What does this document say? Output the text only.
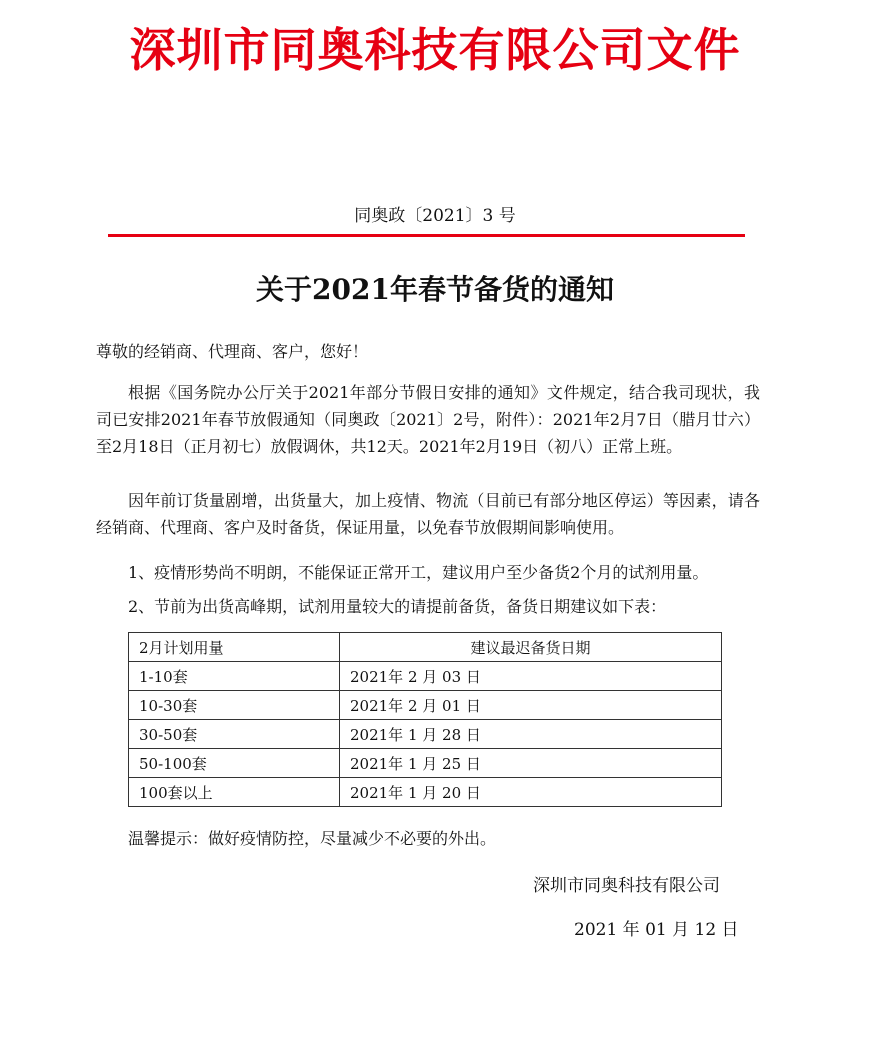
深圳市同奥科技有限公司文件
同奥政〔2021〕3 号
关于2021年春节备货的通知
尊敬的经销商、代理商、客户，您好！
根据《国务院办公厅关于2021年部分节假日安排的通知》文件规定，结合我司现状，我司已安排2021年春节放假通知（同奥政〔2021〕2号，附件）：2021年2月7日（腊月廿六）至2月18日（正月初七）放假调休，共12天。2021年2月19日（初八）正常上班。
因年前订货量剧增，出货量大，加上疫情、物流（目前已有部分地区停运）等因素，请各经销商、代理商、客户及时备货，保证用量，以免春节放假期间影响使用。
1、疫情形势尚不明朗，不能保证正常开工，建议用户至少备货2个月的试剂用量。
2、节前为出货高峰期，试剂用量较大的请提前备货，备货日期建议如下表：
2月计划用量	建议最迟备货日期
1-10套	2021年 2 月 03 日
10-30套	2021年 2 月 01 日
30-50套	2021年 1 月 28 日
50-100套	2021年 1 月 25 日
100套以上	2021年 1 月 20 日
温馨提示：做好疫情防控，尽量减少不必要的外出。
深圳市同奥科技有限公司
2021 年 01 月 12 日
